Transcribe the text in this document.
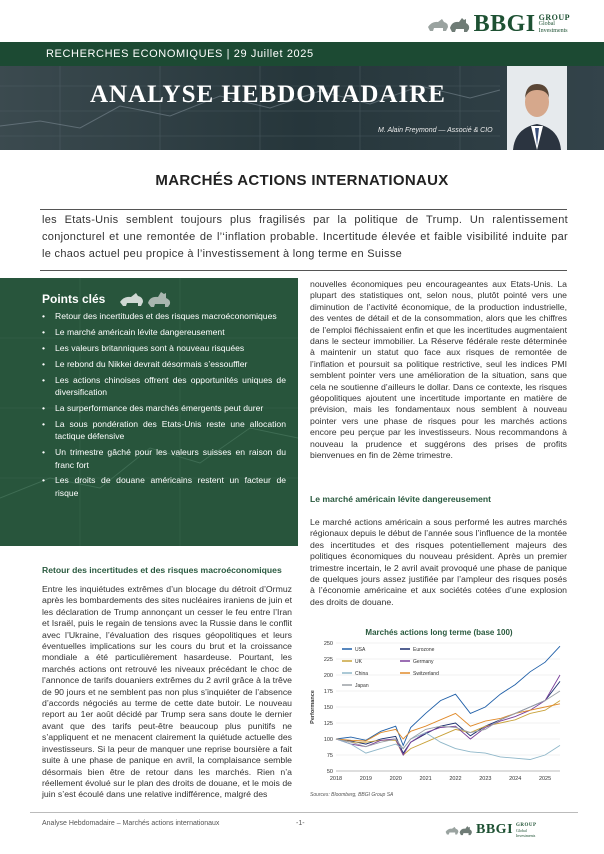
BBGI GROUP
Global
Investments
RECHERCHES ECONOMIQUES | 29 Juillet 2025
ANALYSE HEBDOMADAIRE
M. Alain Freymond — Associé & CIO
MARCHÉS ACTIONS INTERNATIONAUX
les Etats-Unis semblent toujours plus fragilisés par la politique de Trump. Un ralentissement conjoncturel et une remontée de l’‘inflation probable. Incertitude élevée et faible visibilité induite par le chaos actuel peu propice à l’investissement à long terme en Suisse
Points clés
• Retour des incertitudes et des risques macroéconomiques
• Le marché américain lévite dangereusement
• Les valeurs britanniques sont à nouveau risquées
• Le rebond du Nikkei devrait désormais s’essouffler
• Les actions chinoises offrent des opportunités uniques de diversification
• La surperformance des marchés émergents peut durer
• La sous pondération des Etats-Unis reste une allocation tactique défensive
• Un trimestre gâché pour les valeurs suisses en raison du franc fort
• Les droits de douane américains restent un facteur de risque
Retour des incertitudes et des risques macroéconomiques
Entre les inquiétudes extrêmes d’un blocage du détroit d’Ormuz après les bombardements des sites nucléaires iraniens de juin et les déclaration de Trump annonçant un cesser le feu entre l’Iran et Israël, puis le regain de tensions avec la Russie dans le conflit avec l’Ukraine, l’évaluation des risques géopolitiques et leurs éventuelles implications sur les cours du brut et la croissance mondiale a été particulièrement hasardeuse. Pourtant, les marchés actions ont retrouvé les niveaux précédant le choc de l’annonce de tarifs douaniers extrêmes du 2 avril grâce à la trêve de 90 jours et ne semblent pas non plus s’inquiéter de l’absence d’accords négociés au terme de cette date butoir. Le nouveau report au 1er août décidé par Trump sera sans doute le dernier avant que des tarifs peut-être beaucoup plus punitifs ne s’appliquent et ne menacent clairement la quiétude actuelle des investisseurs. Si la peur de manquer une reprise boursière a fait suite à une phase de panique en avril, la complaisance semble désormais bien être de retour dans les marchés. Rien n’a réellement évolué sur le plan des droits de douane, et le mois de juin s’est écoulé dans une relative indifférence, malgré des
nouvelles économiques peu encourageantes aux Etats-Unis. La plupart des statistiques ont, selon nous, plutôt pointé vers une diminution de l’activité économique, de la production industrielle, des ventes de détail et de la consommation, alors que les chiffres de l’emploi fléchissaient enfin et que les incertitudes augmentaient dans le secteur immobilier. La Réserve fédérale reste déterminée à maintenir un statut quo face aux risques de remontée de l’inflation et poursuit sa politique restrictive, seul les indices PMI semblent pointer vers une amélioration de la situation, sans que cela ne soutienne d’ailleurs le dollar. Dans ce contexte, les risques géopolitiques ajoutent une incertitude importante en matière de prévision, mais les fondamentaux nous semblent à nouveau pointer vers une phase de risques pour les marchés actions encore peu perçue par les investisseurs. Nous recommandons à nouveau la prudence et suggérons des prises de profits bienvenues en fin de 2ème trimestre.
Le marché américain lévite dangereusement
Le marché actions américain a sous performé les autres marchés régionaux depuis le début de l’année sous l’influence de la montée des incertitudes et des risques potentiellement majeurs des politiques économiques du nouveau président. Après un premier trimestre incertain, le 2 avril avait provoqué une phase de panique de quelques jours assez justifiée par l’ampleur des risques posés à l’économie américaine et aux sociétés cotées d’une explosion des droits de douane.
Marchés actions long terme (base 100)
50
75
100
125
150
175
200
225
250
2018	2019	2020	2021	2022	2023	2024	2025
Performance
USA	Eurozone
UK	Germany
China	Switzerland
Japan
Sources: Bloomberg, BBGI Group SA
Analyse Hebdomadaire – Marchés actions internationaux	-1-	BBGI GROUP
Global
Investments
